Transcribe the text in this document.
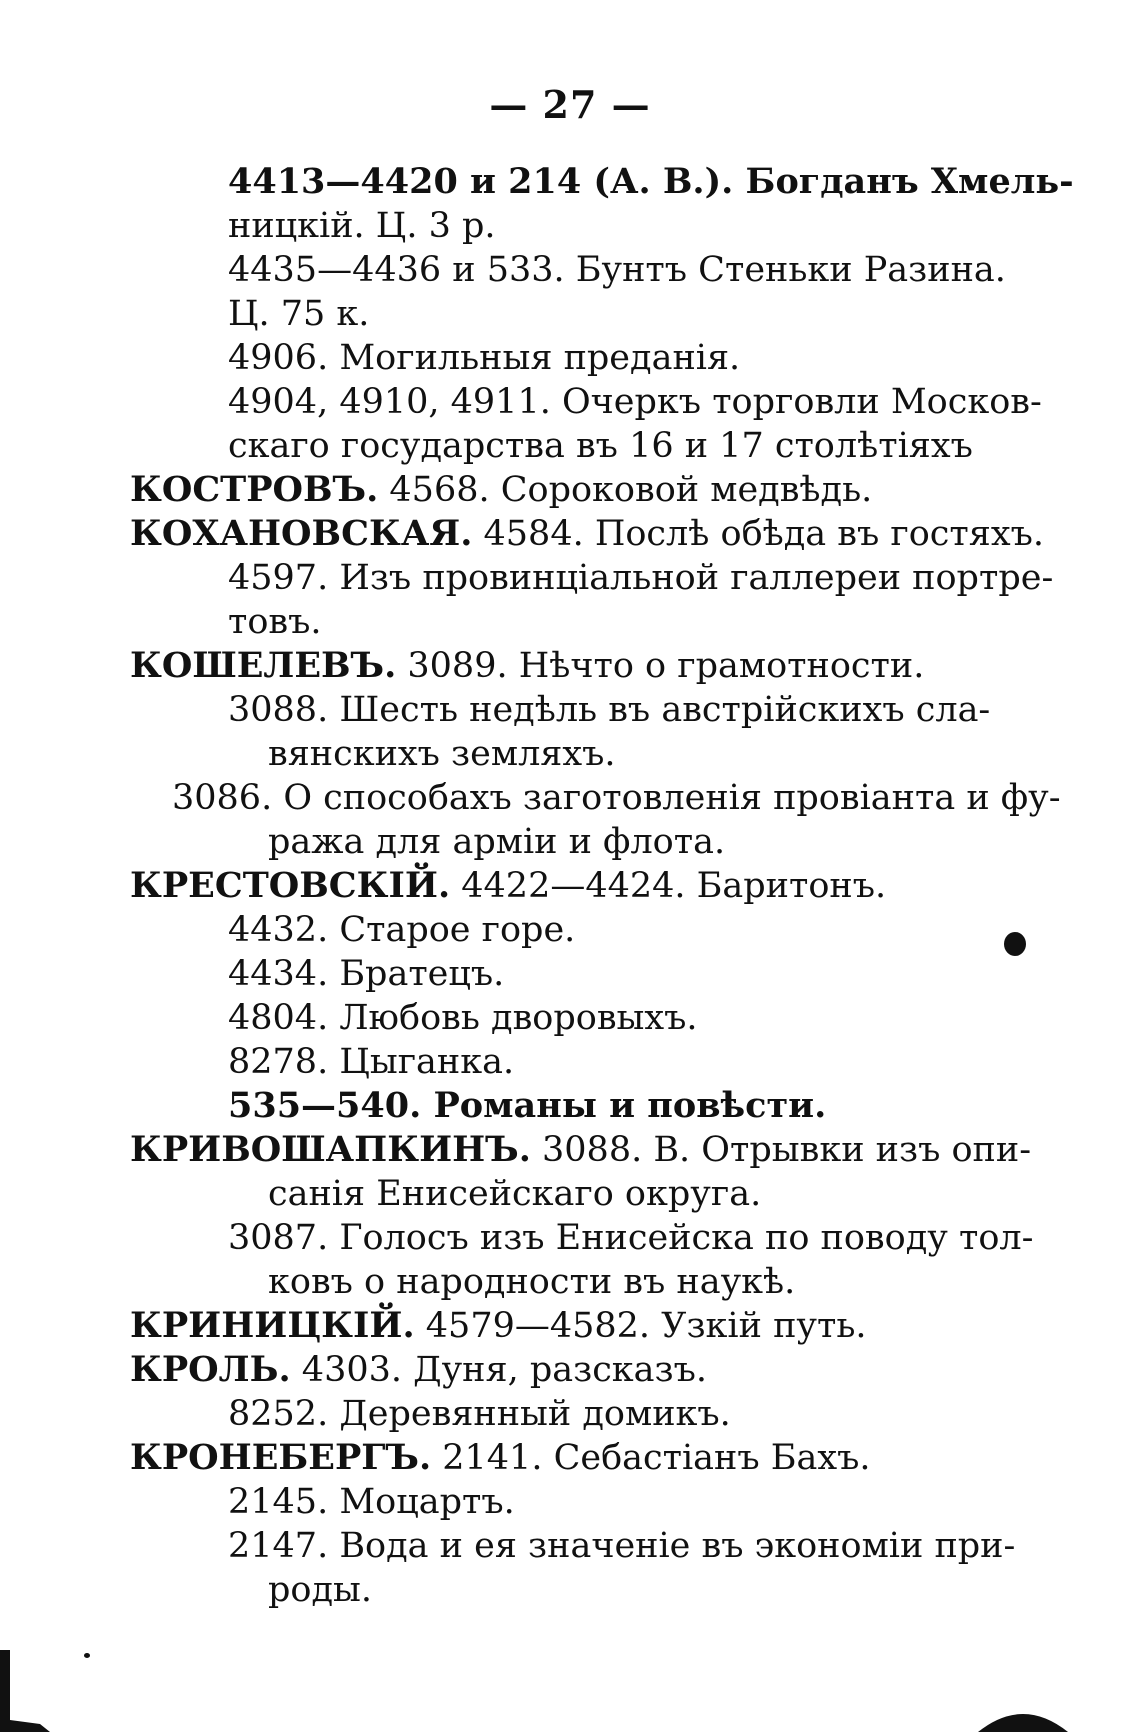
— 27 —
4413—4420 и 214 (А. В.). Богданъ Хмель-
ницкій. Ц. 3 р.
4435—4436 и 533. Бунтъ Стеньки Разина.
Ц. 75 к.
4906. Могильныя преданія.
4904, 4910, 4911. Очеркъ торговли Москов-
скаго государства въ 16 и 17 столѣтіяхъ
КОСТРОВЪ. 4568. Сороковой медвѣдь.
КОХАНОВСКАЯ. 4584. Послѣ обѣда въ гостяхъ.
4597. Изъ провинціальной галлереи портре-
товъ.
КОШЕЛЕВЪ. 3089. Нѣчто о грамотности.
3088. Шесть недѣль въ австрійскихъ сла-
вянскихъ земляхъ.
3086. О способахъ заготовленія провіанта и фу-
ража для арміи и флота.
КРЕСТОВСКІЙ. 4422—4424. Баритонъ.
4432. Старое горе.
4434. Братецъ.
4804. Любовь дворовыхъ.
8278. Цыганка.
535—540. Романы и повѣсти.
КРИВОШАПКИНЪ. 3088. В. Отрывки изъ опи-
санія Енисейскаго округа.
3087. Голосъ изъ Енисейска по поводу тол-
ковъ о народности въ наукѣ.
КРИНИЦКІЙ. 4579—4582. Узкій путь.
КРОЛЬ. 4303. Дуня, разсказъ.
8252. Деревянный домикъ.
КРОНЕБЕРГЪ. 2141. Себастіанъ Бахъ.
2145. Моцартъ.
2147. Вода и ея значеніе въ экономіи при-
роды.
